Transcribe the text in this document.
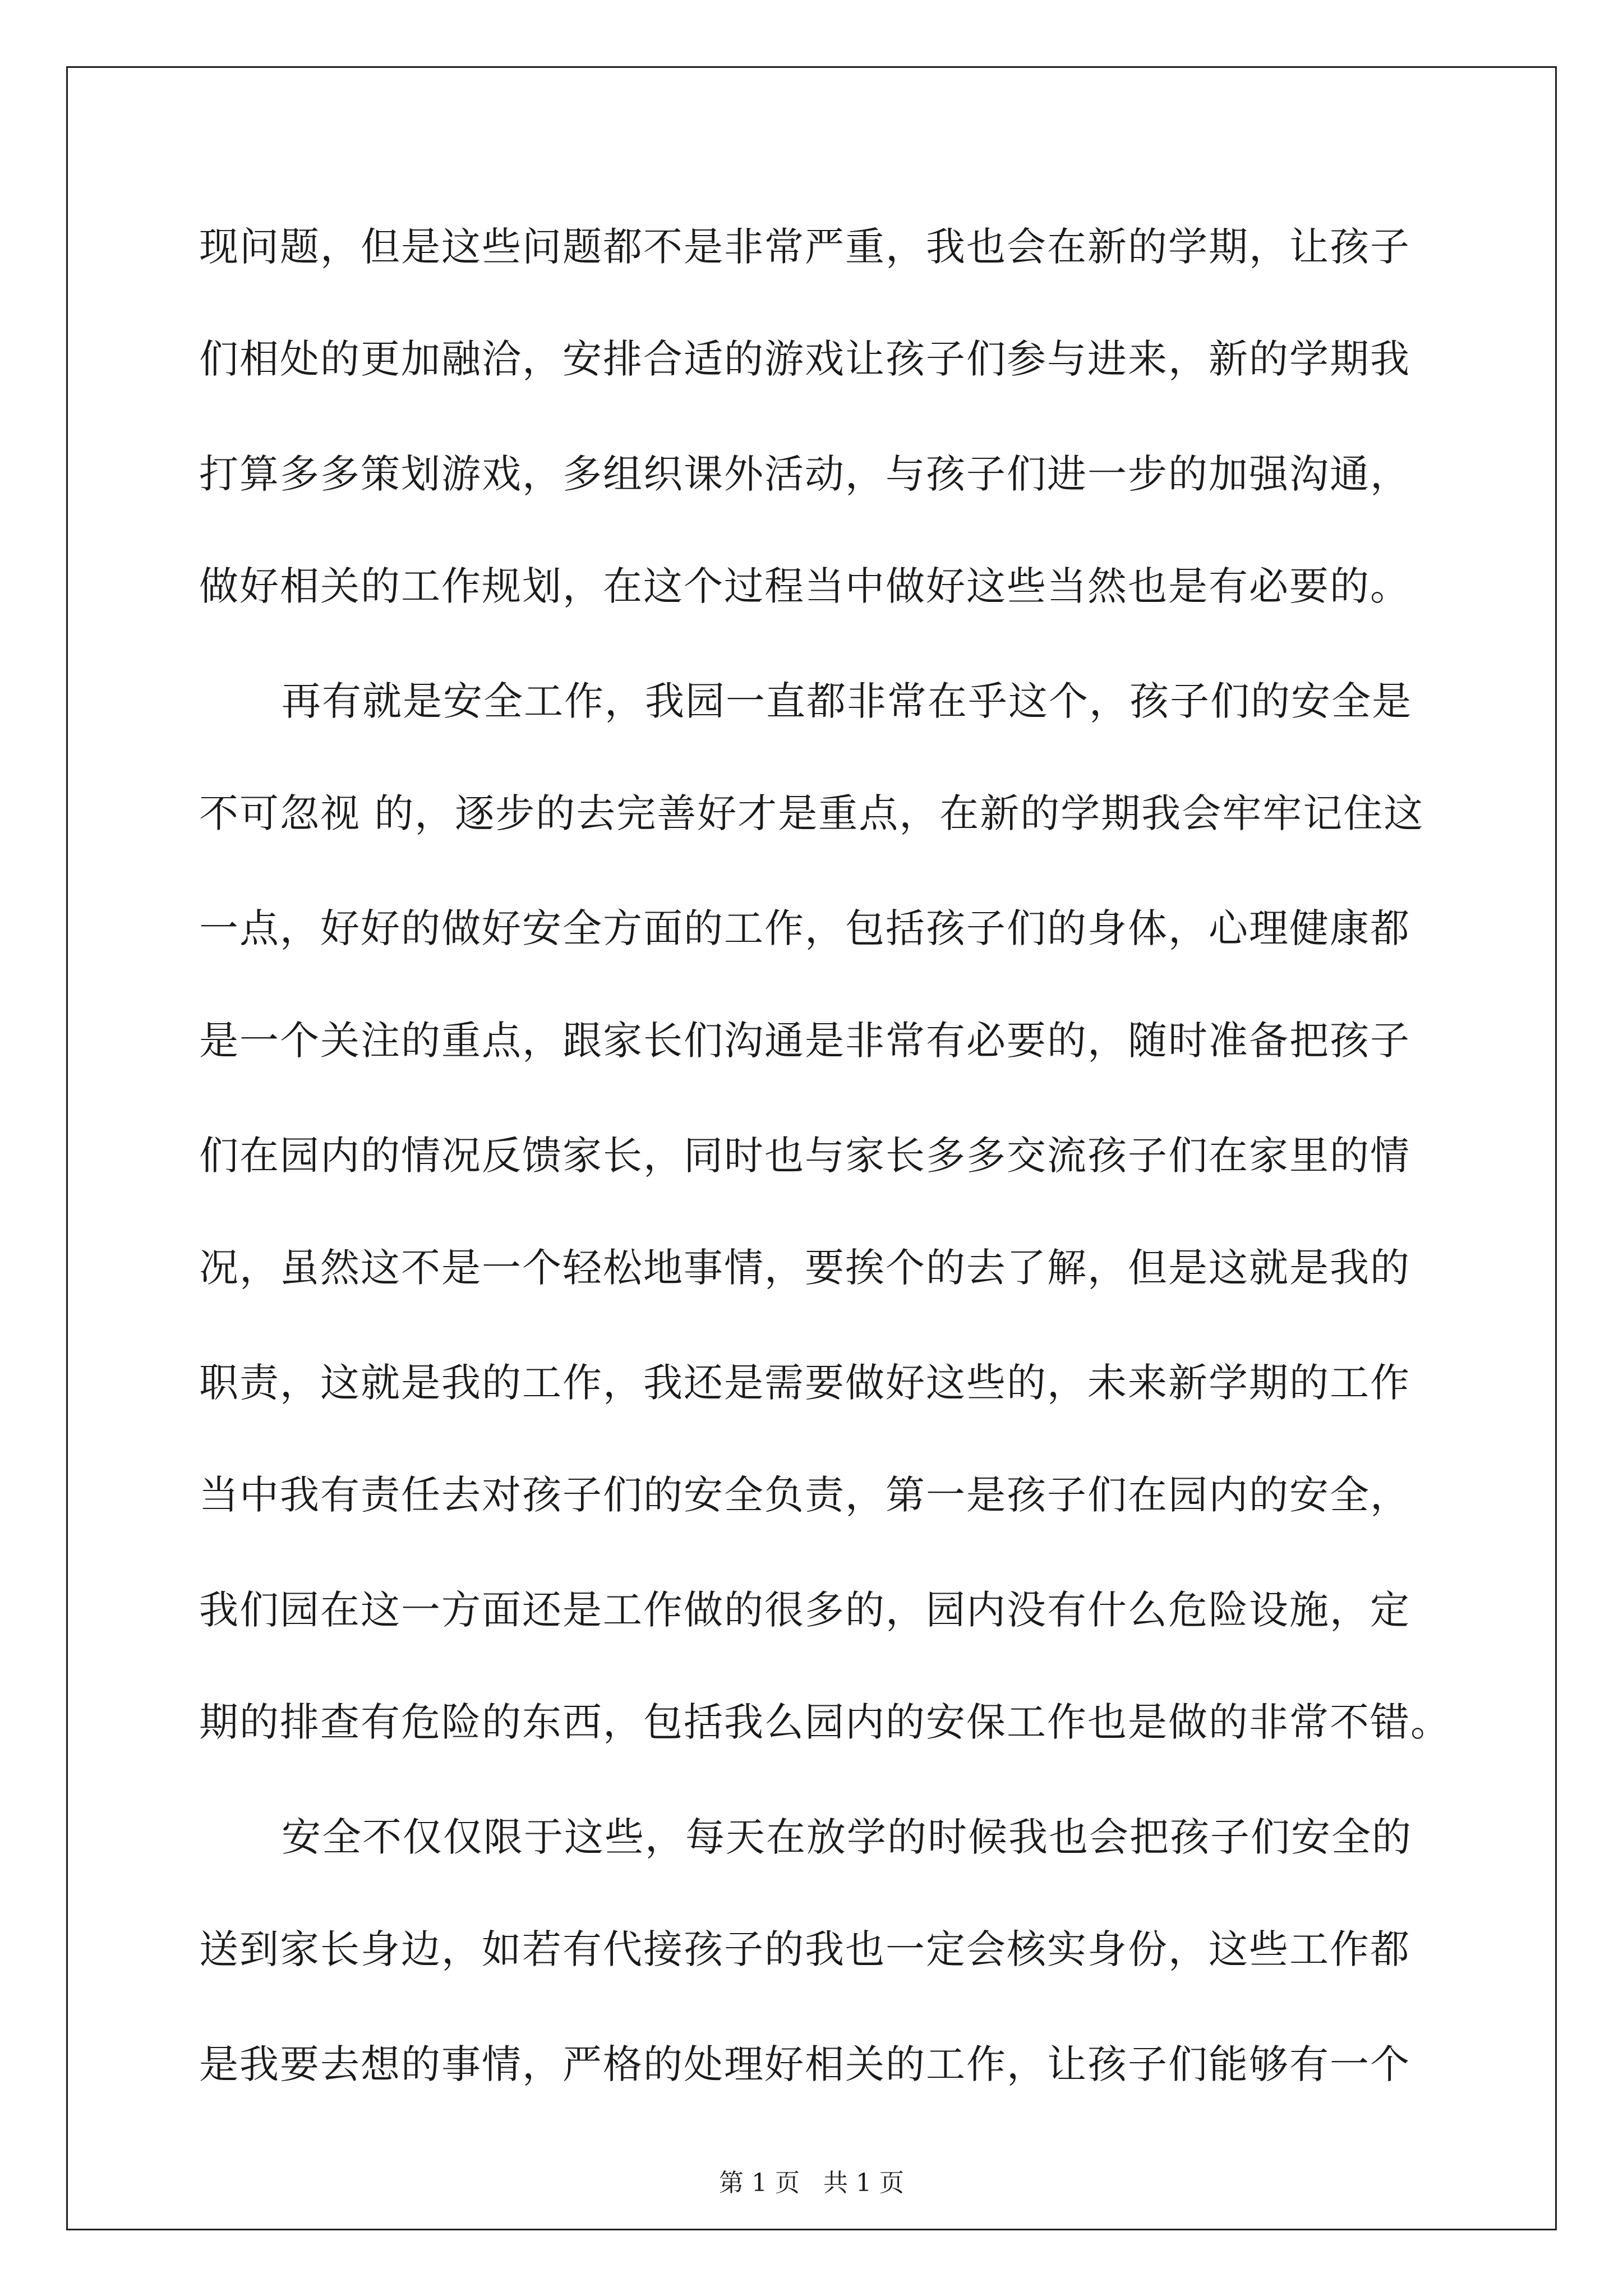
现问题，但是这些问题都不是非常严重，我也会在新的学期，让孩子
们相处的更加融洽，安排合适的游戏让孩子们参与进来，新的学期我
打算多多策划游戏，多组织课外活动，与孩子们进一步的加强沟通，
做好相关的工作规划，在这个过程当中做好这些当然也是有必要的。
再有就是安全工作，我园一直都非常在乎这个，孩子们的安全是
不可忽视 的，逐步的去完善好才是重点，在新的学期我会牢牢记住这
一点，好好的做好安全方面的工作，包括孩子们的身体，心理健康都
是一个关注的重点，跟家长们沟通是非常有必要的，随时准备把孩子
们在园内的情况反馈家长，同时也与家长多多交流孩子们在家里的情
况，虽然这不是一个轻松地事情，要挨个的去了解，但是这就是我的
职责，这就是我的工作，我还是需要做好这些的，未来新学期的工作
当中我有责任去对孩子们的安全负责，第一是孩子们在园内的安全，
我们园在这一方面还是工作做的很多的，园内没有什么危险设施，定
期的排查有危险的东西，包括我么园内的安保工作也是做的非常不错。
安全不仅仅限于这些，每天在放学的时候我也会把孩子们安全的
送到家长身边，如若有代接孩子的我也一定会核实身份，这些工作都
是我要去想的事情，严格的处理好相关的工作，让孩子们能够有一个
第 1 页   共 1 页
